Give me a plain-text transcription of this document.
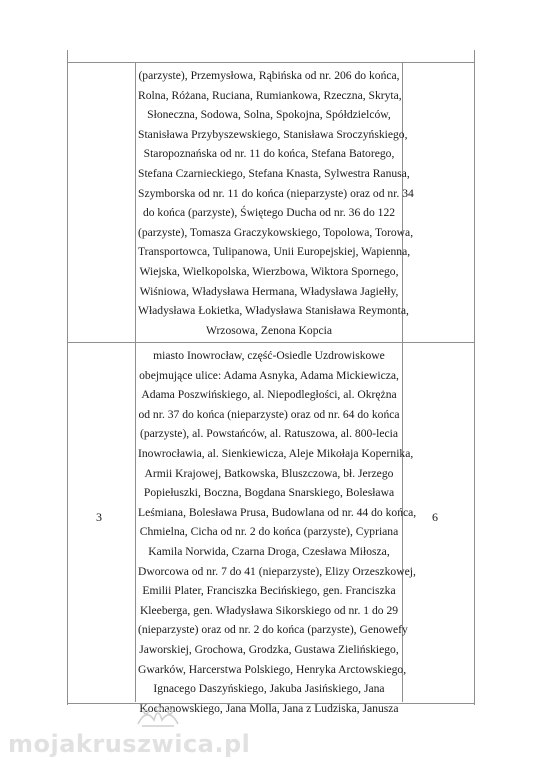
(parzyste), Przemysłowa, Rąbińska od nr. 206 do końca,
Rolna, Różana, Ruciana, Rumiankowa, Rzeczna, Skryta,
Słoneczna, Sodowa, Solna, Spokojna, Spółdzielców,
Stanisława Przybyszewskiego, Stanisława Sroczyńskiego,
Staropoznańska od nr. 11 do końca, Stefana Batorego,
Stefana Czarnieckiego, Stefana Knasta, Sylwestra Ranusa,
Szymborska od nr. 11 do końca (nieparzyste) oraz od nr. 34
do końca (parzyste), Świętego Ducha od nr. 36 do 122
(parzyste), Tomasza Graczykowskiego, Topolowa, Torowa,
Transportowca, Tulipanowa, Unii Europejskiej, Wapienna,
Wiejska, Wielkopolska, Wierzbowa, Wiktora Spornego,
Wiśniowa, Władysława Hermana, Władysława Jagiełły,
Władysława Łokietka, Władysława Stanisława Reymonta,
Wrzosowa, Zenona Kopcia
miasto Inowrocław, część-Osiedle Uzdrowiskowe
obejmujące ulice: Adama Asnyka, Adama Mickiewicza,
Adama Poszwińskiego, al. Niepodległości, al. Okrężna
od nr. 37 do końca (nieparzyste) oraz od nr. 64 do końca
(parzyste), al. Powstańców, al. Ratuszowa, al. 800-lecia
Inowrocławia, al. Sienkiewicza, Aleje Mikołaja Kopernika,
Armii Krajowej, Batkowska, Bluszczowa, bł. Jerzego
Popiełuszki, Boczna, Bogdana Snarskiego, Bolesława
Leśmiana, Bolesława Prusa, Budowlana od nr. 44 do końca,
Chmielna, Cicha od nr. 2 do końca (parzyste), Cypriana
Kamila Norwida, Czarna Droga, Czesława Miłosza,
Dworcowa od nr. 7 do 41 (nieparzyste), Elizy Orzeszkowej,
Emilii Plater, Franciszka Becińskiego, gen. Franciszka
Kleeberga, gen. Władysława Sikorskiego od nr. 1 do 29
(nieparzyste) oraz od nr. 2 do końca (parzyste), Genowefy
Jaworskiej, Grochowa, Grodzka, Gustawa Zielińskiego,
Gwarków, Harcerstwa Polskiego, Henryka Arctowskiego,
Ignacego Daszyńskiego, Jakuba Jasińskiego, Jana
Kochanowskiego, Jana Molla, Jana z Ludziska, Janusza
3	6
mojakruszwica.pl
